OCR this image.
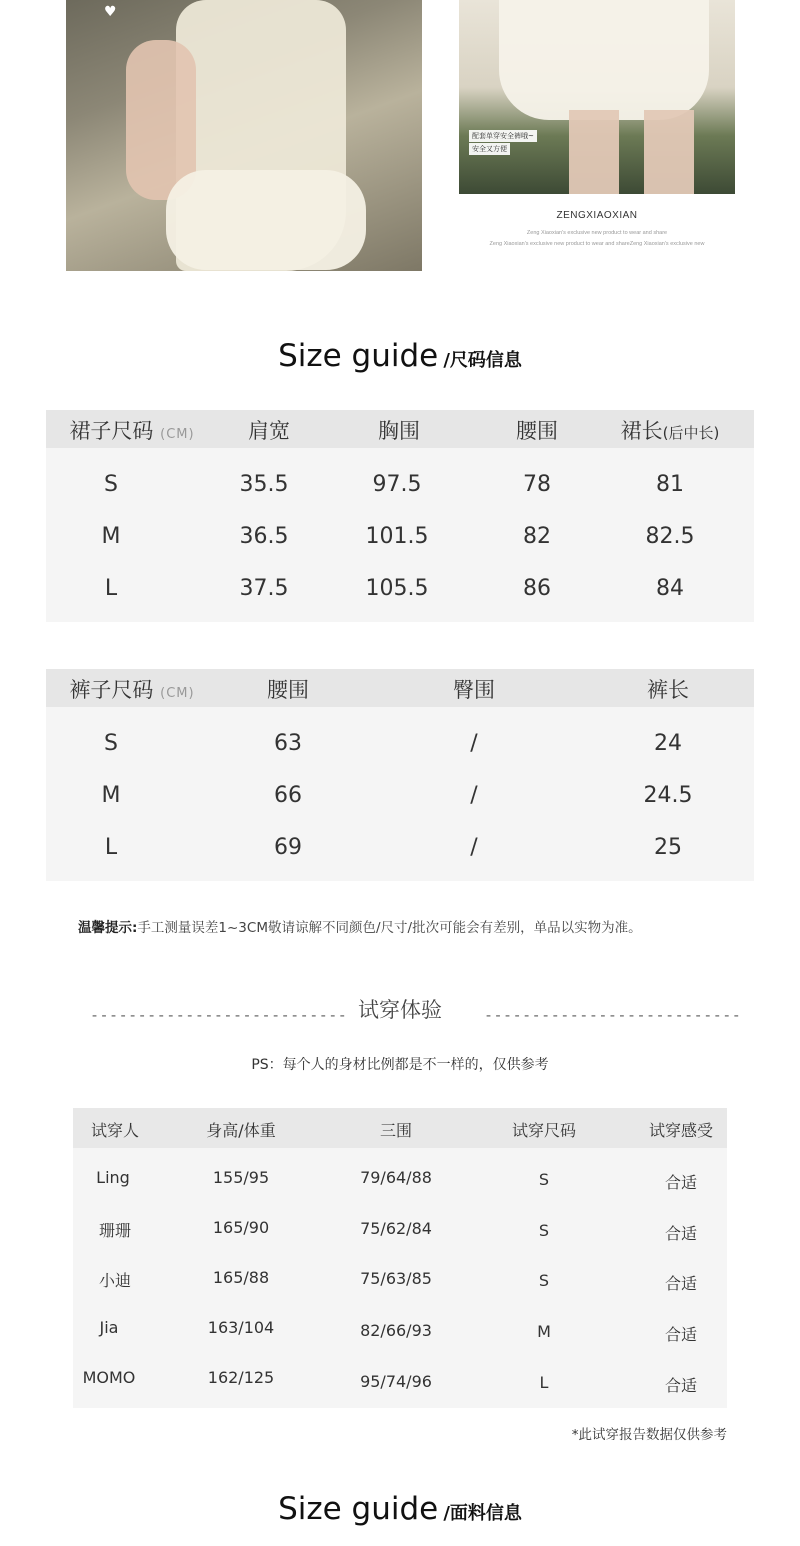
♥
配套单穿安全裤哦~
安全又方便
ZENGXIAOXIAN
Zeng Xiaoxian's exclusive new product to wear and share
Zeng Xiaoxian's exclusive new product to wear and shareZeng Xiaoxian's exclusive new
Size guide /尺码信息
裙子尺码 (CM)	肩宽	胸围	腰围	裙长(后中长)
S	35.5	97.5	78	81
M	36.5	101.5	82	82.5
L	37.5	105.5	86	84
裤子尺码 (CM)	腰围	臀围	裤长
S	63	/	24
M	66	/	24.5
L	69	/	25
温馨提示:手工测量误差1~3CM敬请谅解不同颜色/尺寸/批次可能会有差别，单品以实物为准。
--------------------------- 试穿体验	---------------------------
PS：每个人的身材比例都是不一样的，仅供参考
试穿人	身高/体重	三围	试穿尺码	试穿感受
Ling	155/95	79/64/88	S	合适
珊珊	165/90	75/62/84	S	合适
小迪	165/88	75/63/85	S	合适
Jia	163/104	82/66/93	M	合适
MOMO	162/125	95/74/96	L	合适
*此试穿报告数据仅供参考
Size guide /面料信息
